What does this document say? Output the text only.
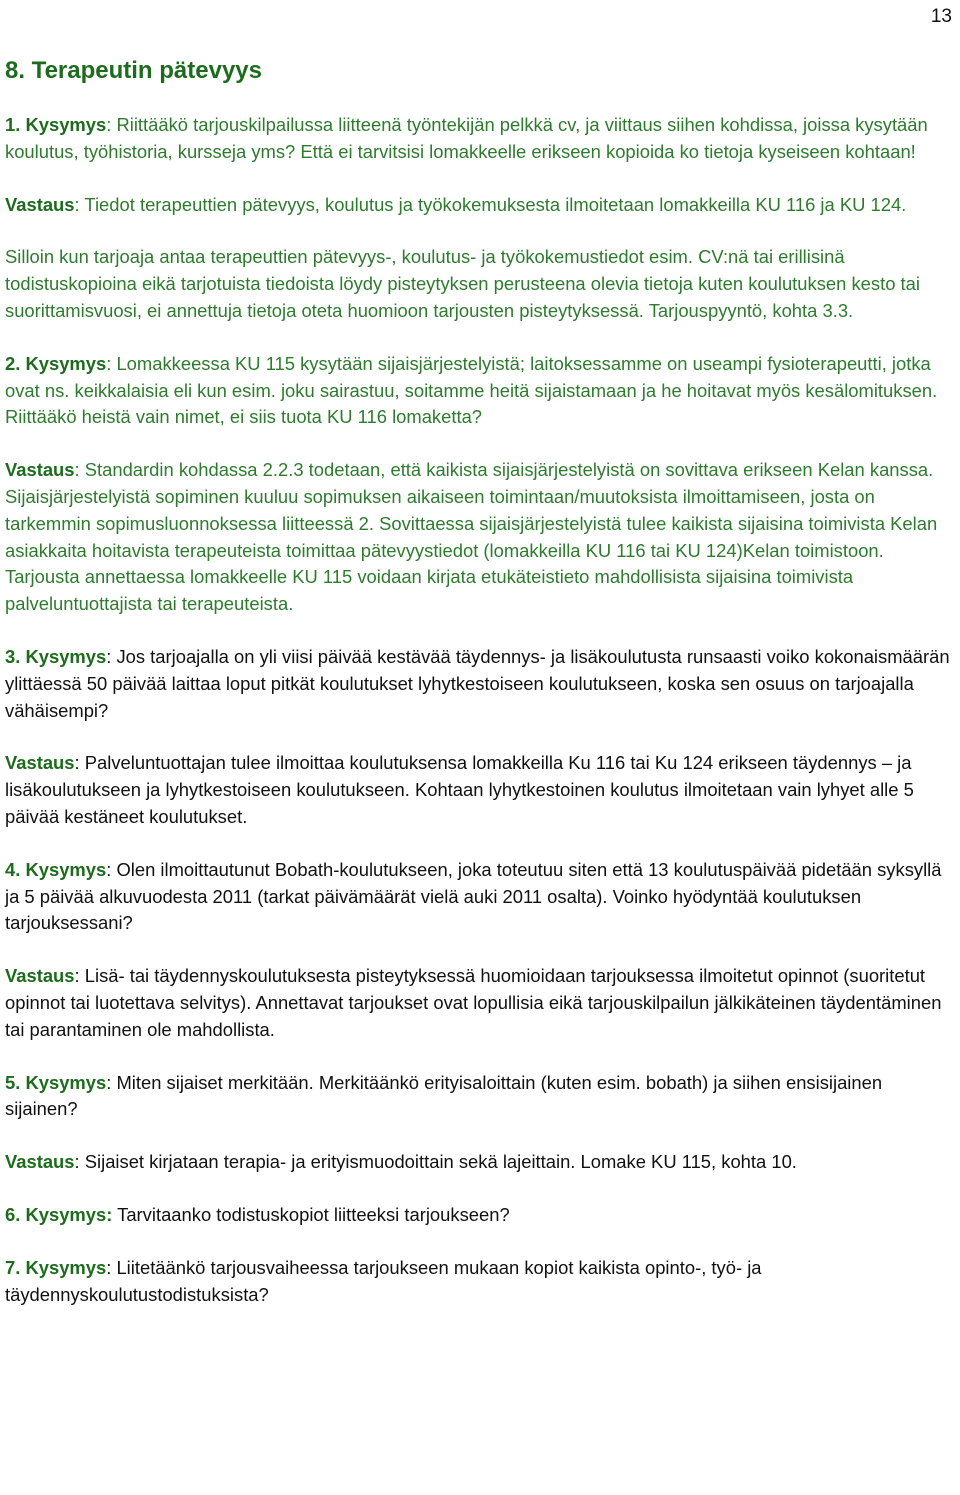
13
8. Terapeutin pätevyys

1. Kysymys: Riittääkö tarjouskilpailussa liitteenä työntekijän pelkkä cv, ja viittaus siihen kohdissa, joissa kysytään koulutus, työhistoria, kursseja yms? Että ei tarvitsisi lomakkeelle erikseen kopioida ko tietoja kyseiseen kohtaan!

Vastaus: Tiedot terapeuttien pätevyys, koulutus ja työkokemuksesta ilmoitetaan lomakkeilla KU 116 ja KU 124.

Silloin kun tarjoaja antaa terapeuttien pätevyys-, koulutus- ja työkokemustiedot esim. CV:nä tai erillisinä todistuskopioina eikä tarjotuista tiedoista löydy pisteytyksen perusteena olevia tietoja kuten koulutuksen kesto tai suorittamisvuosi, ei annettuja tietoja oteta huomioon tarjousten pisteytyksessä. Tarjouspyyntö, kohta 3.3.

2. Kysymys: Lomakkeessa KU 115 kysytään sijaisjärjestelyistä; laitoksessamme on useampi fysioterapeutti, jotka ovat ns. keikkalaisia eli kun esim. joku sairastuu, soitamme heitä sijaistamaan ja he hoitavat myös kesälomituksen. Riittääkö heistä vain nimet, ei siis tuota KU 116 lomaketta?

Vastaus: Standardin kohdassa 2.2.3 todetaan, että kaikista sijaisjärjestelyistä on sovittava erikseen Kelan kanssa. Sijaisjärjestelyistä sopiminen kuuluu sopimuksen aikaiseen toimintaan/muutoksista ilmoittamiseen, josta on tarkemmin sopimusluonnoksessa liitteessä 2. Sovittaessa sijaisjärjestelyistä tulee kaikista sijaisina toimivista Kelan asiakkaita hoitavista terapeuteista toimittaa pätevyystiedot (lomakkeilla KU 116 tai KU 124)Kelan toimistoon. Tarjousta annettaessa lomakkeelle KU 115 voidaan kirjata etukäteistieto mahdollisista sijaisina toimivista palveluntuottajista tai terapeuteista.

3. Kysymys: Jos tarjoajalla on yli viisi päivää kestävää täydennys- ja lisäkoulutusta runsaasti voiko kokonaismäärän ylittäessä 50 päivää laittaa loput pitkät koulutukset lyhytkestoiseen koulutukseen, koska sen osuus on tarjoajalla vähäisempi?

Vastaus: Palveluntuottajan tulee ilmoittaa koulutuksensa lomakkeilla Ku 116 tai Ku 124 erikseen täydennys – ja lisäkoulutukseen ja lyhytkestoiseen koulutukseen. Kohtaan lyhytkestoinen koulutus ilmoitetaan vain lyhyet alle 5 päivää kestäneet koulutukset.

4. Kysymys: Olen ilmoittautunut Bobath-koulutukseen, joka toteutuu siten että 13 koulutuspäivää pidetään syksyllä ja 5 päivää alkuvuodesta 2011 (tarkat päivämäärät vielä auki 2011 osalta). Voinko hyödyntää koulutuksen tarjouksessani?

Vastaus: Lisä- tai täydennyskoulutuksesta pisteytyksessä huomioidaan tarjouksessa ilmoitetut opinnot (suoritetut opinnot tai luotettava selvitys). Annettavat tarjoukset ovat lopullisia eikä tarjouskilpailun jälkikäteinen täydentäminen tai parantaminen ole mahdollista.

5. Kysymys: Miten sijaiset merkitään. Merkitäänkö erityisaloittain (kuten esim. bobath) ja siihen ensisijainen sijainen?

Vastaus: Sijaiset kirjataan terapia- ja erityismuodoittain sekä lajeittain. Lomake KU 115, kohta 10.

6. Kysymys: Tarvitaanko todistuskopiot liitteeksi tarjoukseen?

7. Kysymys: Liitetäänkö tarjousvaiheessa tarjoukseen mukaan kopiot kaikista opinto-, työ- ja täydennyskoulutustodistuksista?
